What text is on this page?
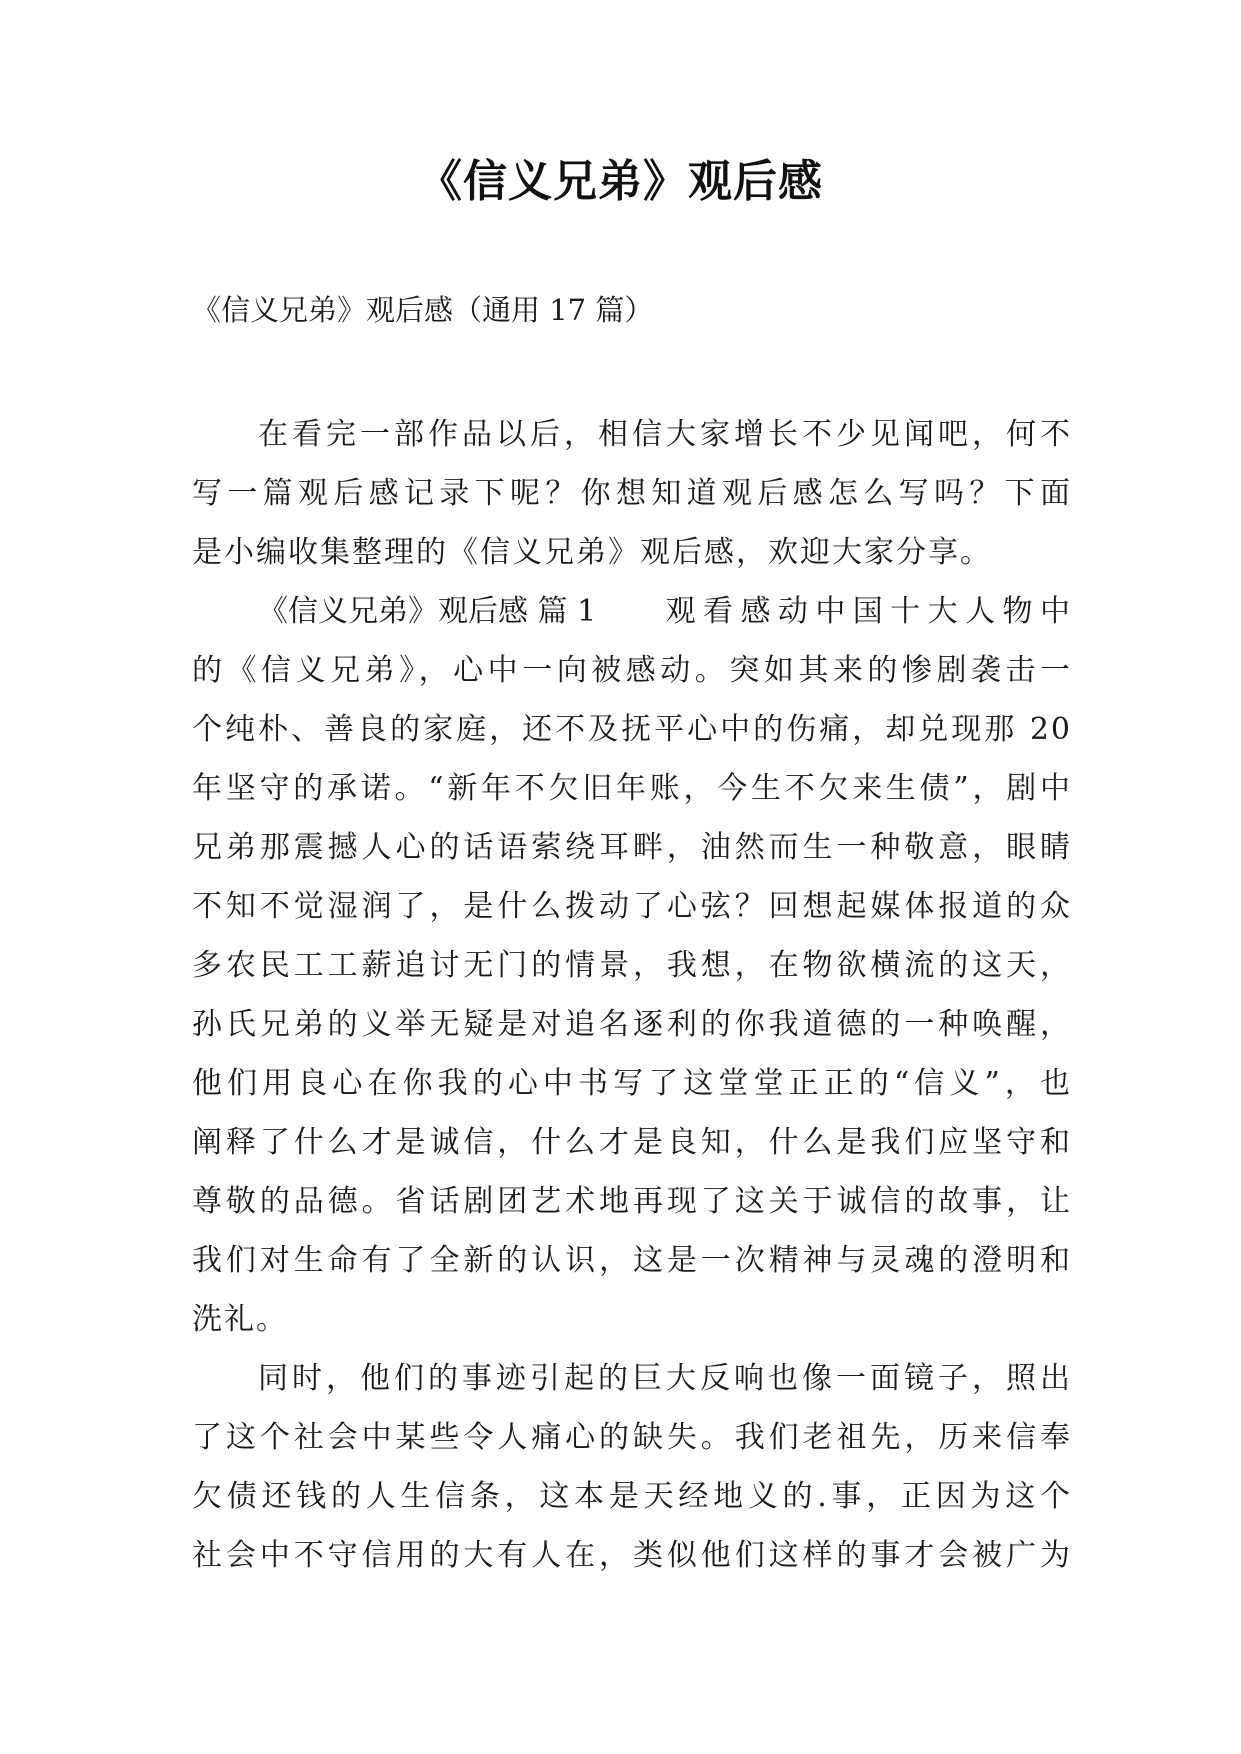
《信义兄弟》观后感

《信义兄弟》观后感（通用 17 篇）

在看完一部作品以后，相信大家增长不少见闻吧，何不
写一篇观后感记录下呢？你想知道观后感怎么写吗？下面
是小编收集整理的《信义兄弟》观后感，欢迎大家分享。
《信义兄弟》观后感 篇 1 观看感动中国十大人物中
的《信义兄弟》，心中一向被感动。突如其来的惨剧袭击一
个纯朴、善良的家庭，还不及抚平心中的伤痛，却兑现那 20
年坚守的承诺。“新年不欠旧年账，今生不欠来生债”，剧中
兄弟那震撼人心的话语萦绕耳畔，油然而生一种敬意，眼睛
不知不觉湿润了，是什么拨动了心弦？回想起媒体报道的众
多农民工工薪追讨无门的情景，我想，在物欲横流的这天，
孙氏兄弟的义举无疑是对追名逐利的你我道德的一种唤醒，
他们用良心在你我的心中书写了这堂堂正正的“信义”，也
阐释了什么才是诚信，什么才是良知，什么是我们应坚守和
尊敬的品德。省话剧团艺术地再现了这关于诚信的故事，让
我们对生命有了全新的认识，这是一次精神与灵魂的澄明和
洗礼。
同时，他们的事迹引起的巨大反响也像一面镜子，照出
了这个社会中某些令人痛心的缺失。我们老祖先，历来信奉
欠债还钱的人生信条，这本是天经地义的.事，正因为这个
社会中不守信用的大有人在，类似他们这样的事才会被广为
